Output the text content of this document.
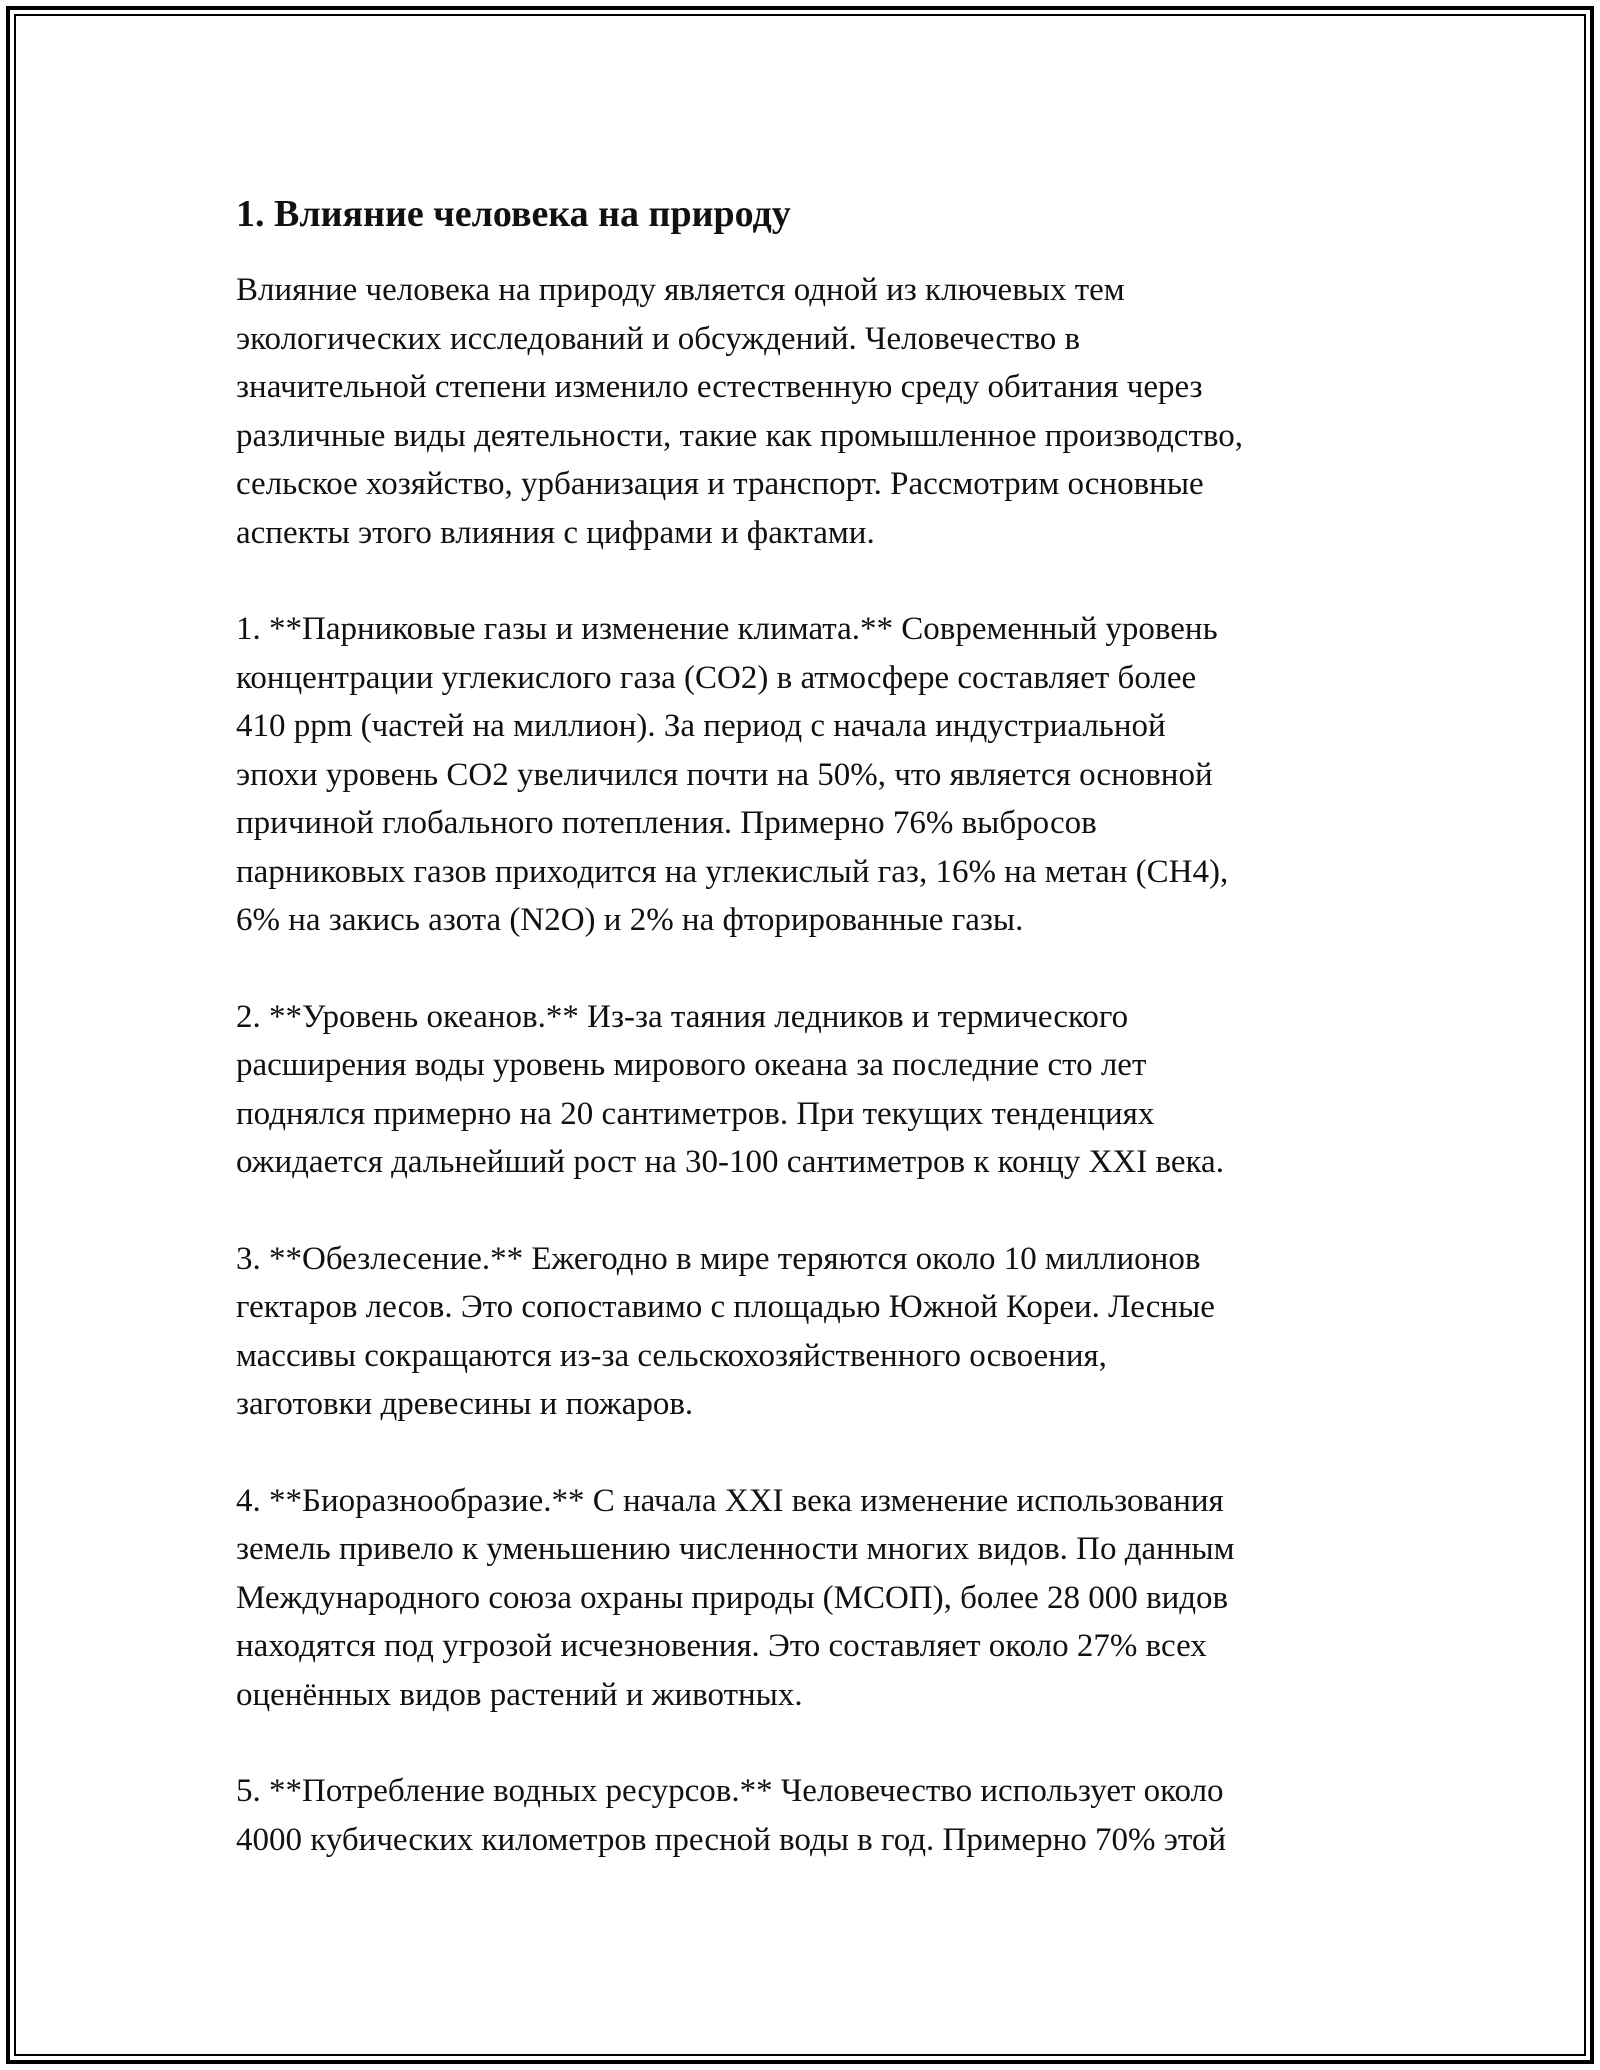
1. Влияние человека на природу
Влияние человека на природу является одной из ключевых тем
экологических исследований и обсуждений. Человечество в
значительной степени изменило естественную среду обитания через
различные виды деятельности, такие как промышленное производство,
сельское хозяйство, урбанизация и транспорт. Рассмотрим основные
аспекты этого влияния с цифрами и фактами.
1. **Парниковые газы и изменение климата.** Современный уровень
концентрации углекислого газа (CO2) в атмосфере составляет более
410 ppm (частей на миллион). За период с начала индустриальной
эпохи уровень CO2 увеличился почти на 50%, что является основной
причиной глобального потепления. Примерно 76% выбросов
парниковых газов приходится на углекислый газ, 16% на метан (CH4),
6% на закись азота (N2O) и 2% на фторированные газы.
2. **Уровень океанов.** Из-за таяния ледников и термического
расширения воды уровень мирового океана за последние сто лет
поднялся примерно на 20 сантиметров. При текущих тенденциях
ожидается дальнейший рост на 30-100 сантиметров к концу XXI века.
3. **Обезлесение.** Ежегодно в мире теряются около 10 миллионов
гектаров лесов. Это сопоставимо с площадью Южной Кореи. Лесные
массивы сокращаются из-за сельскохозяйственного освоения,
заготовки древесины и пожаров.
4. **Биоразнообразие.** С начала XXI века изменение использования
земель привело к уменьшению численности многих видов. По данным
Международного союза охраны природы (МСОП), более 28 000 видов
находятся под угрозой исчезновения. Это составляет около 27% всех
оценённых видов растений и животных.
5. **Потребление водных ресурсов.** Человечество использует около
4000 кубических километров пресной воды в год. Примерно 70% этой
